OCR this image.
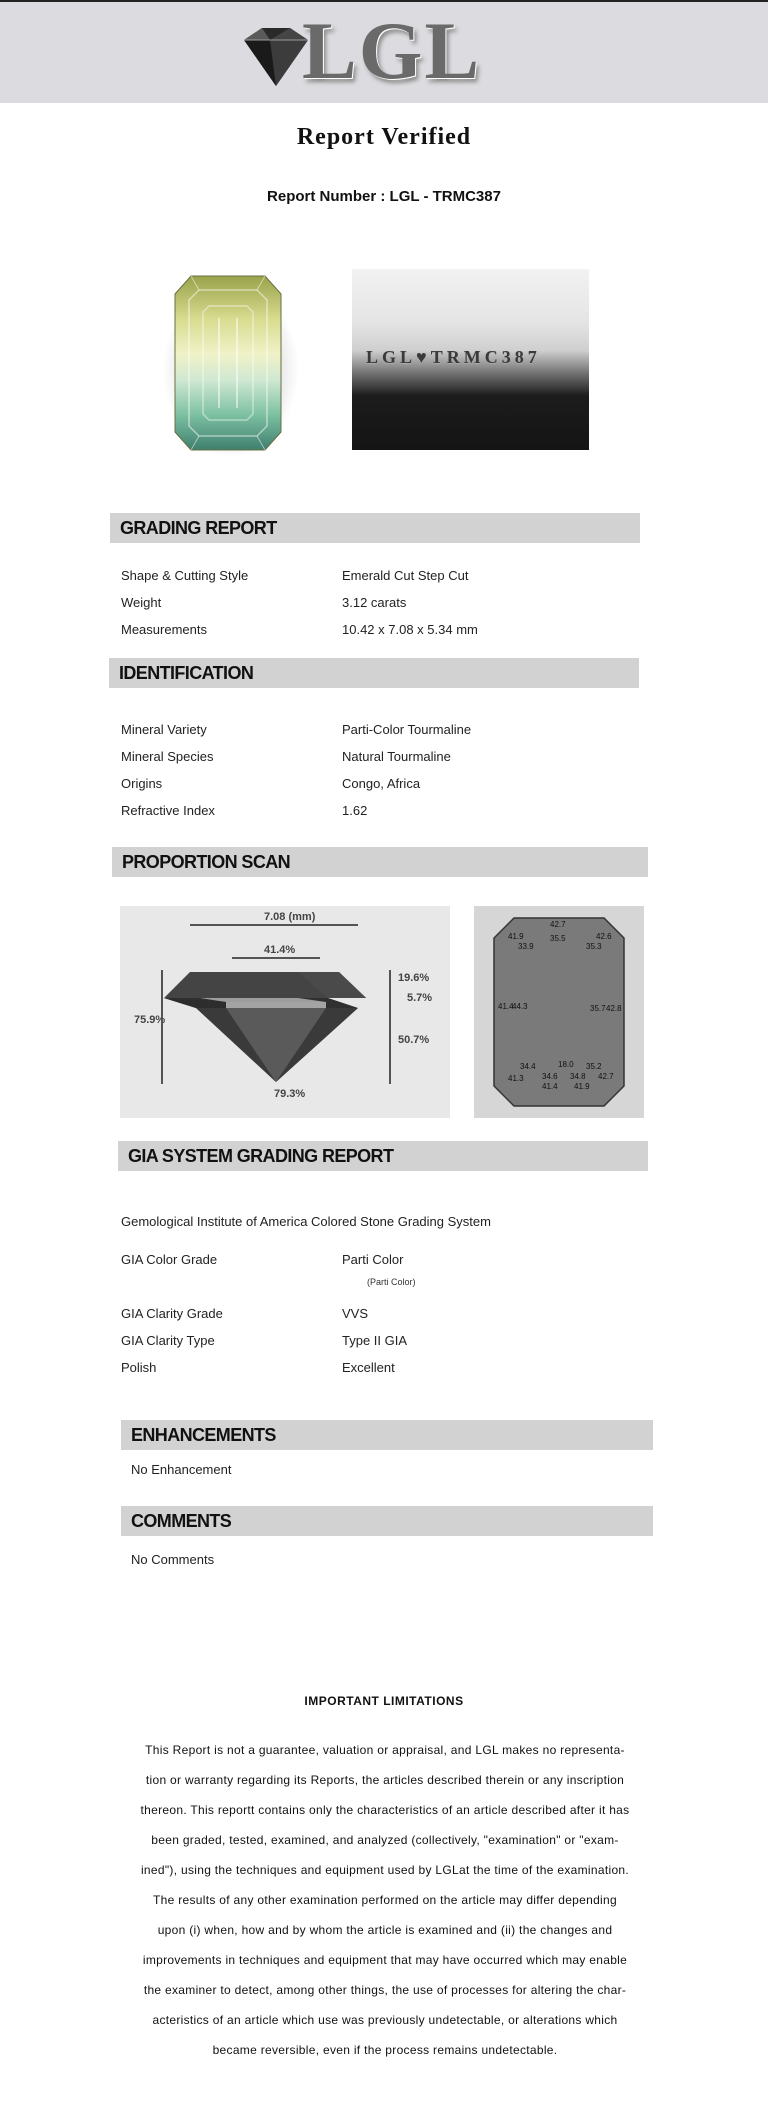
LGL
Report Verified
Report Number : LGL - TRMC387
LGL♥TRMC387
GRADING REPORT
Shape & Cutting Style	Emerald Cut Step Cut
Weight	3.12 carats
Measurements	10.42 x 7.08 x 5.34 mm
IDENTIFICATION
Mineral Variety	Parti-Color Tourmaline
Mineral Species	Natural Tourmaline
Origins	Congo, Africa
Refractive Index	1.62
PROPORTION SCAN
7.08 (mm)
41.4%
75.9%
19.6%
5.7%
50.7%
79.3%
42.7
41.9	35.5	42.6
33.9	35.3
41.4
44.3	35.7 42.8
34.4	18.0 35.2
41.3 34.6 34.8 42.7
41.4 41.9
GIA SYSTEM GRADING REPORT
Gemological Institute of America Colored Stone Grading System
GIA Color Grade	Parti Color
(Parti Color)
GIA Clarity Grade	VVS
GIA Clarity Type	Type II GIA
Polish	Excellent
ENHANCEMENTS
No Enhancement
COMMENTS
No Comments
IMPORTANT LIMITATIONS
This Report is not a guarantee, valuation or appraisal, and LGL makes no representa-
tion or warranty regarding its Reports, the articles described therein or any inscription
thereon. This reportt contains only the characteristics of an article described after it has
been graded, tested, examined, and analyzed (collectively, "examination" or "exam-
ined"), using the techniques and equipment used by LGLat the time of the examination.
The results of any other examination performed on the article may differ depending
upon (i) when, how and by whom the article is examined and (ii) the changes and
improvements in techniques and equipment that may have occurred which may enable
the examiner to detect, among other things, the use of processes for altering the char-
acteristics of an article which use was previously undetectable, or alterations which
became reversible, even if the process remains undetectable.
